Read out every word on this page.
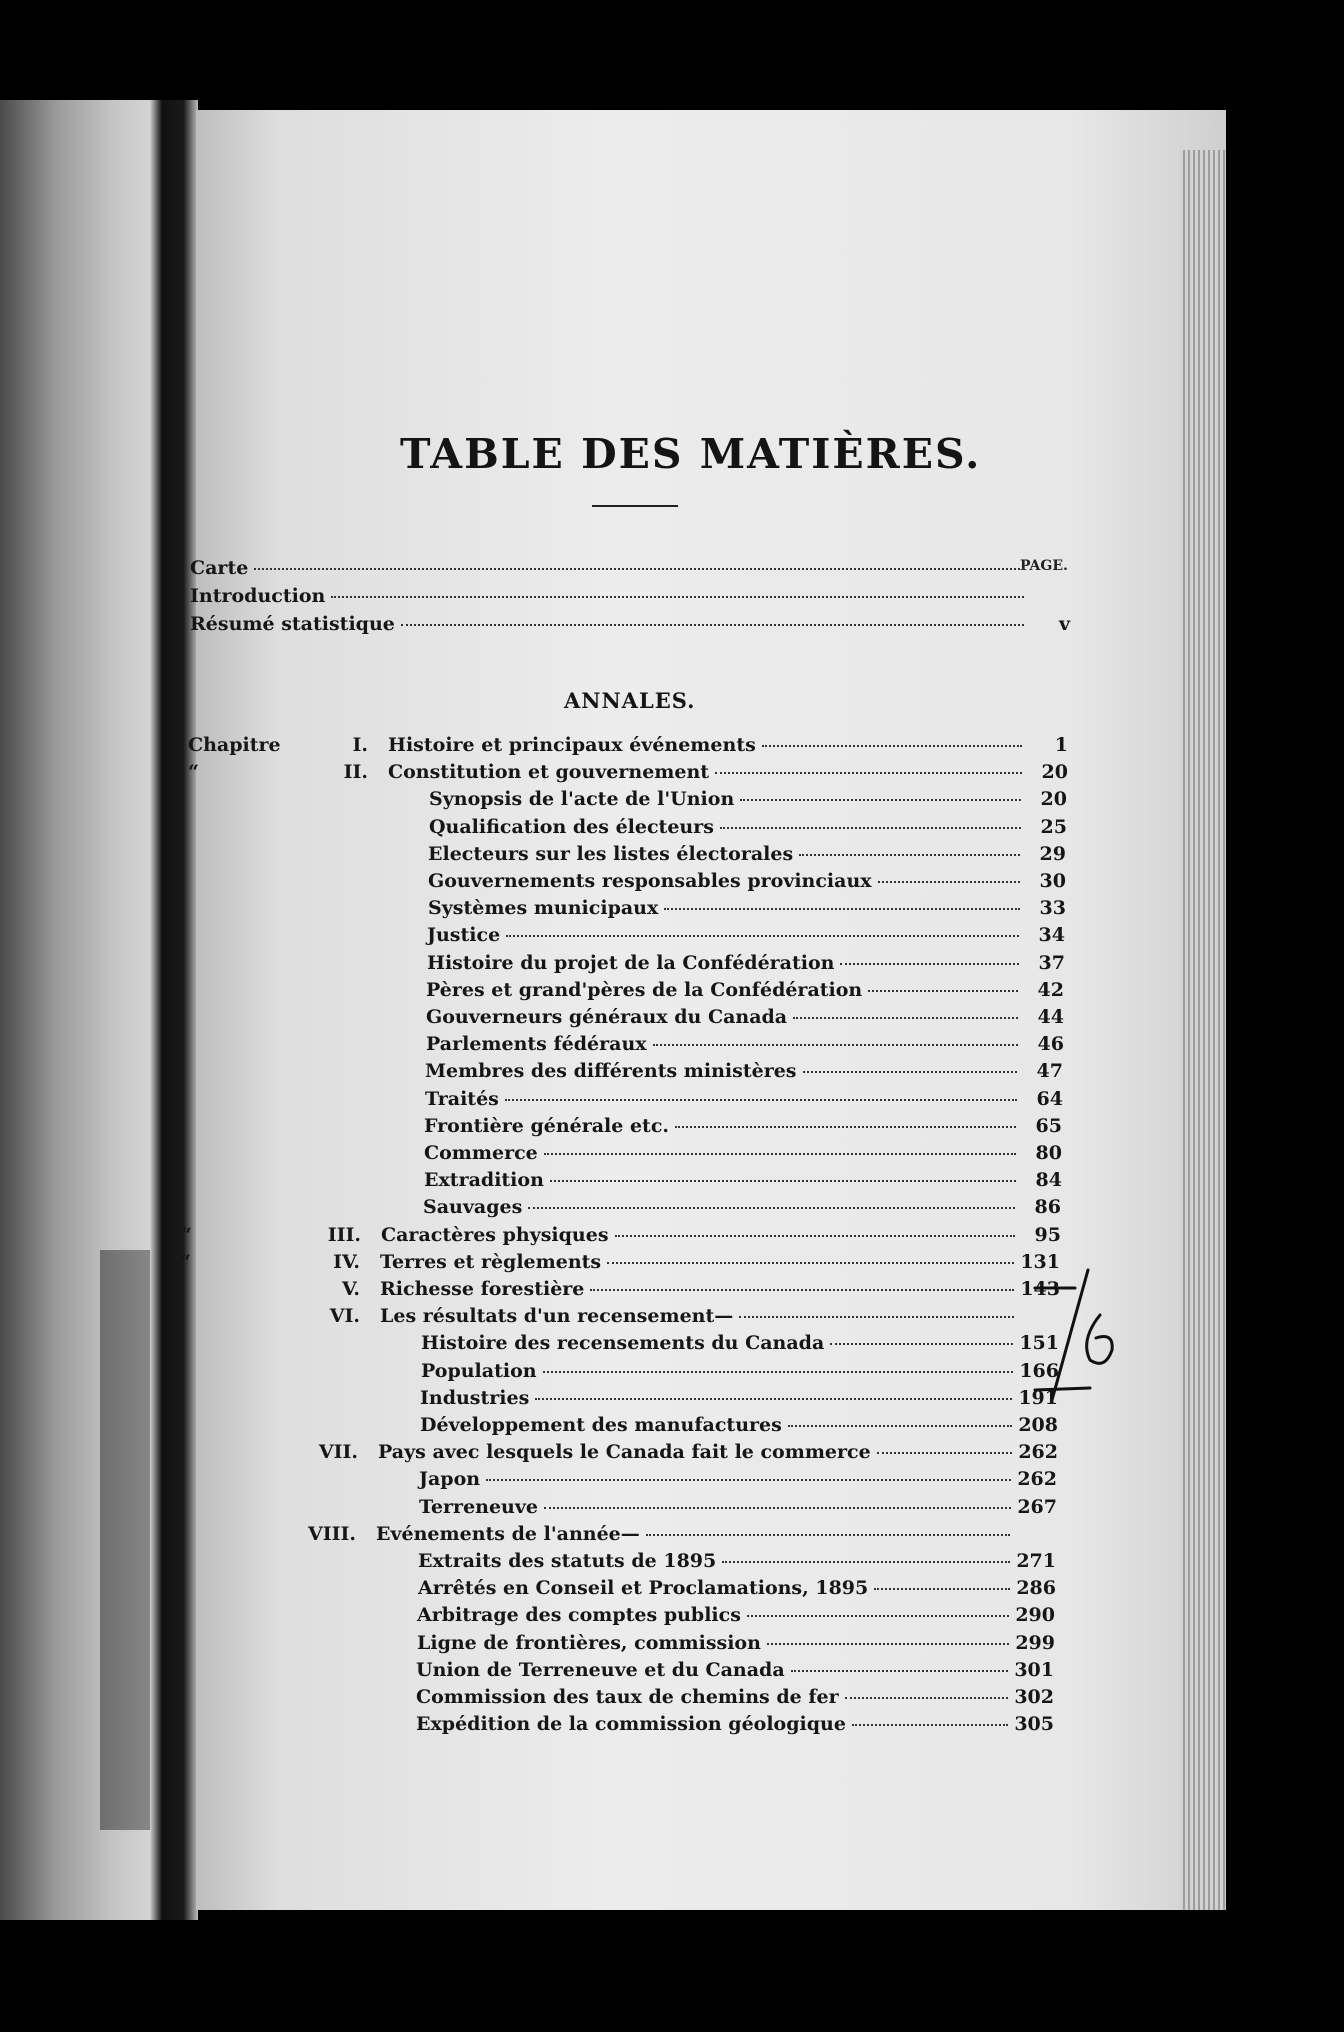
TABLE DES MATIÈRES.
PAGE.
Carte
Introduction
Résumé statistique	v
ANNALES.
Chapitre	I. Histoire et principaux événements	1
“	II. Constitution et gouvernement	20
Synopsis de l'acte de l'Union	20
Qualification des électeurs	25
Electeurs sur les listes électorales	29
Gouvernements responsables provinciaux	30
Systèmes municipaux	33
Justice	34
Histoire du projet de la Confédération	37
Pères et grand'pères de la Confédération	42
Gouverneurs généraux du Canada	44
Parlements fédéraux	46
Membres des différents ministères	47
Traités	64
Frontière générale etc.	65
Commerce	80
Extradition	84
Sauvages	86
“	III. Caractères physiques	95
“	IV. Terres et règlements	131
V. Richesse forestière	143
VI. Les résultats d'un recensement—
Histoire des recensements du Canada	151
Population	166
Industries	191
Développement des manufactures	208
VII. Pays avec lesquels le Canada fait le commerce	262
Japon	262
Terreneuve	267
VIII. Evénements de l'année—
Extraits des statuts de 1895	271
Arrêtés en Conseil et Proclamations, 1895	286
Arbitrage des comptes publics	290
Ligne de frontières, commission	299
Union de Terreneuve et du Canada	301
Commission des taux de chemins de fer	302
Expédition de la commission géologique	305
16
